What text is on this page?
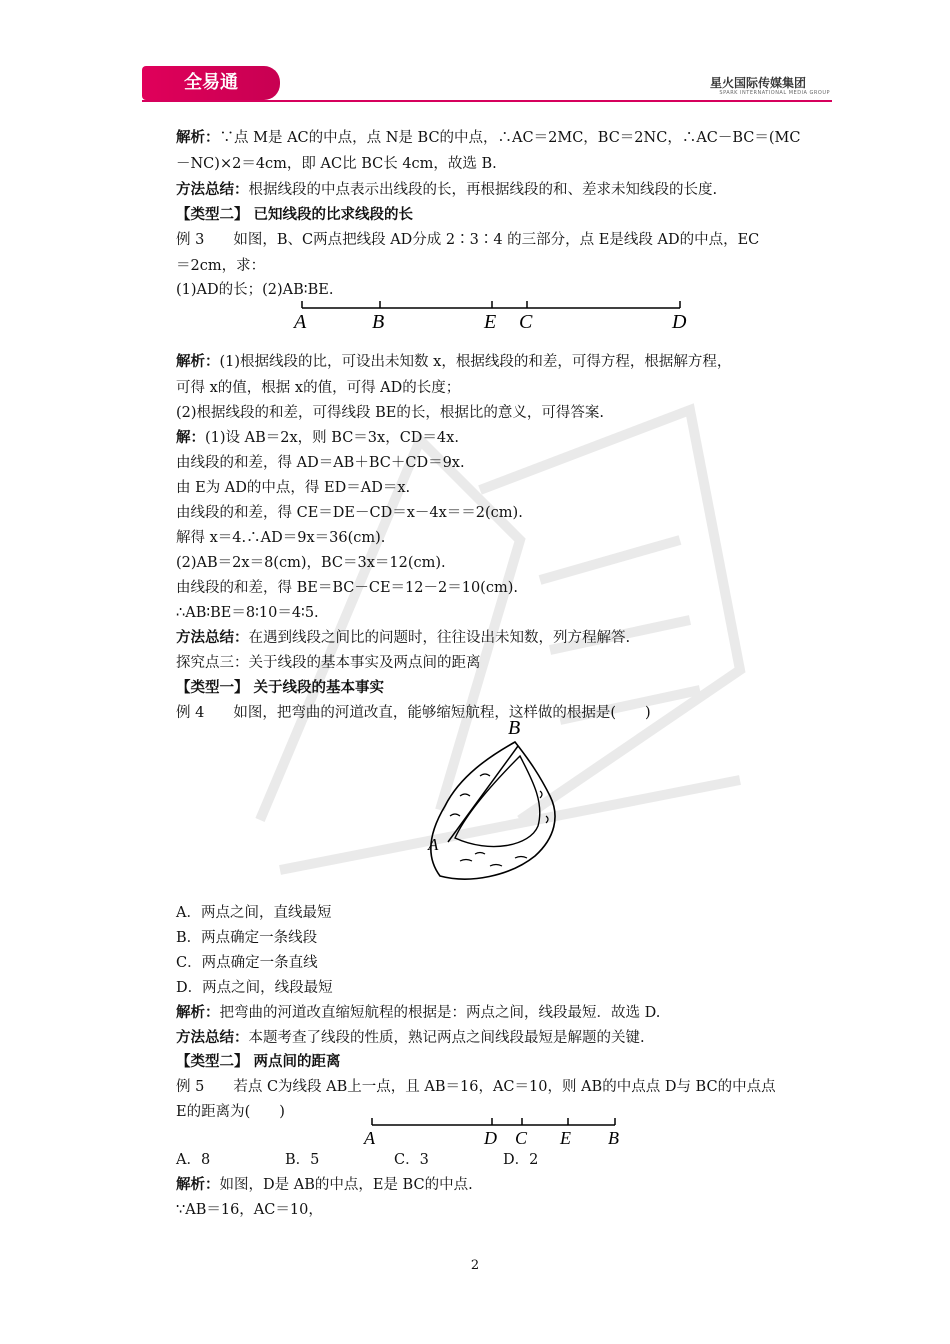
全易通	星火国际传媒集团
SPARK INTERNATIONAL MEDIA GROUP
解析：∵点 M是 AC的中点，点 N是 BC的中点，∴AC＝2MC，BC＝2NC，∴AC－BC＝(MC
－NC)×2＝4cm，即 AC比 BC长 4cm，故选 B.
方法总结：根据线段的中点表示出线段的长，再根据线段的和、差求未知线段的长度.
【类型二】 已知线段的比求线段的长
例 3　　如图，B、C两点把线段 AD分成 2∶3∶4 的三部分，点 E是线段 AD的中点，EC
＝2cm，求：
(1)AD的长；(2)AB∶BE.
A	B	E C	D
解析：(1)根据线段的比，可设出未知数 x，根据线段的和差，可得方程，根据解方程，
可得 x的值，根据 x的值，可得 AD的长度；
(2)根据线段的和差，可得线段 BE的长，根据比的意义，可得答案.
解：(1)设 AB＝2x，则 BC＝3x，CD＝4x.
由线段的和差，得 AD＝AB＋BC＋CD＝9x.
由 E为 AD的中点，得 ED＝AD＝x.
由线段的和差，得 CE＝DE－CD＝x－4x＝＝2(cm).
解得 x＝4.∴AD＝9x＝36(cm).
(2)AB＝2x＝8(cm)，BC＝3x＝12(cm).
由线段的和差，得 BE＝BC－CE＝12－2＝10(cm).
∴AB∶BE＝8∶10＝4∶5.
方法总结：在遇到线段之间比的问题时，往往设出未知数，列方程解答.
探究点三：关于线段的基本事实及两点间的距离
【类型一】 关于线段的基本事实
例 4　　如图，把弯曲的河道改直，能够缩短航程，这样做的根据是(　　)
B
A
A．两点之间，直线最短
B．两点确定一条线段
C．两点确定一条直线
D．两点之间，线段最短
解析：把弯曲的河道改直缩短航程的根据是：两点之间，线段最短．故选 D.
方法总结：本题考查了线段的性质，熟记两点之间线段最短是解题的关键.
【类型二】 两点间的距离
例 5　　若点 C为线段 AB上一点，且 AB＝16，AC＝10，则 AB的中点点 D与 BC的中点点
E的距离为(　　)
A	D C E B
A．8	B．5	C．3	D．2
解析：如图，D是 AB的中点，E是 BC的中点.
∵AB＝16，AC＝10，
2
